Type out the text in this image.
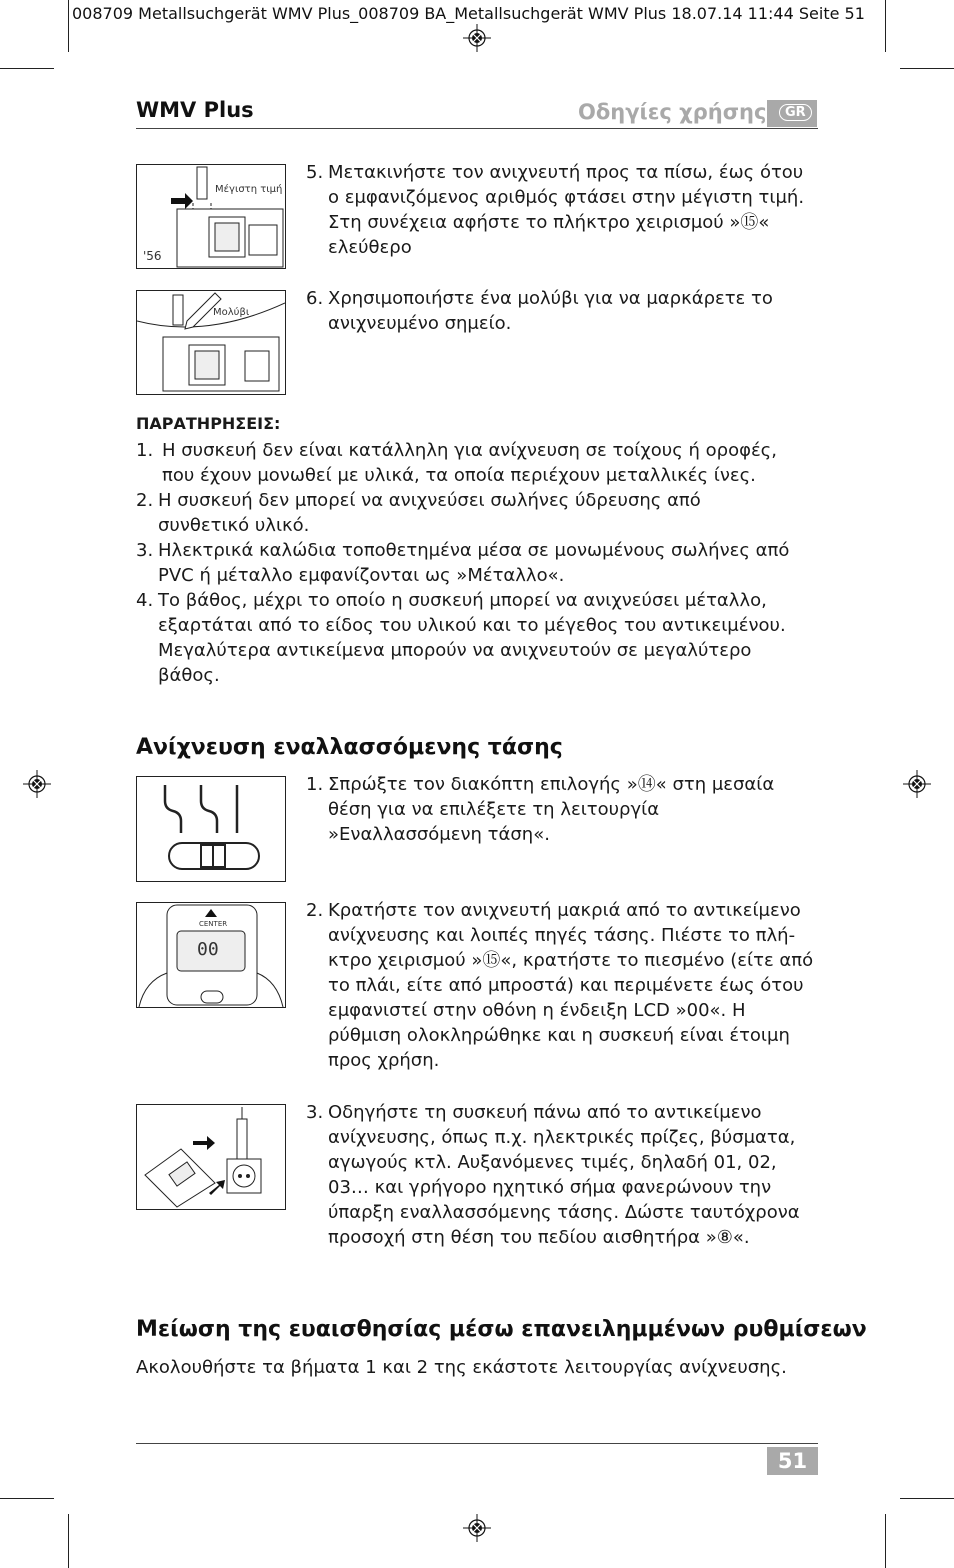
008709 Metallsuchgerät WMV Plus_008709 BA_Metallsuchgerät WMV Plus 18.07.14 11:44 Seite 51
WMV Plus	Οδηγίες χρήσης	GR
Μέγιστη τιμή
'56
5. Μετακινήστε τον ανιχνευτή προς τα πίσω, έως ότου
ο εμφανιζόμενος αριθμός φτάσει στην μέγιστη τιμή.
Στη συνέχεια αφήστε το πλήκτρο χειρισμού »⑮«
ελεύθερο
Μολύβι
6. Χρησιμοποιήστε ένα μολύβι για να μαρκάρετε το
ανιχνευμένο σημείο.
ΠΑΡΑΤΗΡΗΣΕΙΣ:
1. Η συσκευή δεν είναι κατάλληλη για ανίχνευση σε τοίχους ή οροφές,
που έχουν μονωθεί με υλικά, τα οποία περιέχουν μεταλλικές ίνες.
2. Η συσκευή δεν μπορεί να ανιχνεύσει σωλήνες ύδρευσης από
συνθετικό υλικό.
3. Ηλεκτρικά καλώδια τοποθετημένα μέσα σε μονωμένους σωλήνες από
PVC ή μέταλλο εμφανίζονται ως »Μέταλλο«.
4. Το βάθος, μέχρι το οποίο η συσκευή μπορεί να ανιχνεύσει μέταλλο,
εξαρτάται από το είδος του υλικού και το μέγεθος του αντικειμένου.
Μεγαλύτερα αντικείμενα μπορούν να ανιχνευτούν σε μεγαλύτερο
βάθος.
Ανίχνευση εναλλασσόμενης τάσης
1. Σπρώξτε τον διακόπτη επιλογής »⑭« στη μεσαία
θέση για να επιλέξετε τη λειτουργία
»Εναλλασσόμενη τάση«.
CENTER
00
2. Κρατήστε τον ανιχνευτή μακριά από το αντικείμενο
ανίχνευσης και λοιπές πηγές τάσης. Πιέστε το πλή-
κτρο χειρισμού »⑮«, κρατήστε το πιεσμένο (είτε από
το πλάι, είτε από μπροστά) και περιμένετε έως ότου
εμφανιστεί στην οθόνη η ένδειξη LCD »00«. Η
ρύθμιση ολοκληρώθηκε και η συσκευή είναι έτοιμη
προς χρήση.
3. Οδηγήστε τη συσκευή πάνω από το αντικείμενο
ανίχνευσης, όπως π.χ. ηλεκτρικές πρίζες, βύσματα,
αγωγούς κτλ. Αυξανόμενες τιμές, δηλαδή 01, 02,
03… και γρήγορο ηχητικό σήμα φανερώνουν την
ύπαρξη εναλλασσόμενης τάσης. Δώστε ταυτόχρονα
προσοχή στη θέση του πεδίου αισθητήρα »⑧«.
Μείωση της ευαισθησίας μέσω επανειλημμένων ρυθμίσεων
Ακολουθήστε τα βήματα 1 και 2 της εκάστοτε λειτουργίας ανίχνευσης.
51
